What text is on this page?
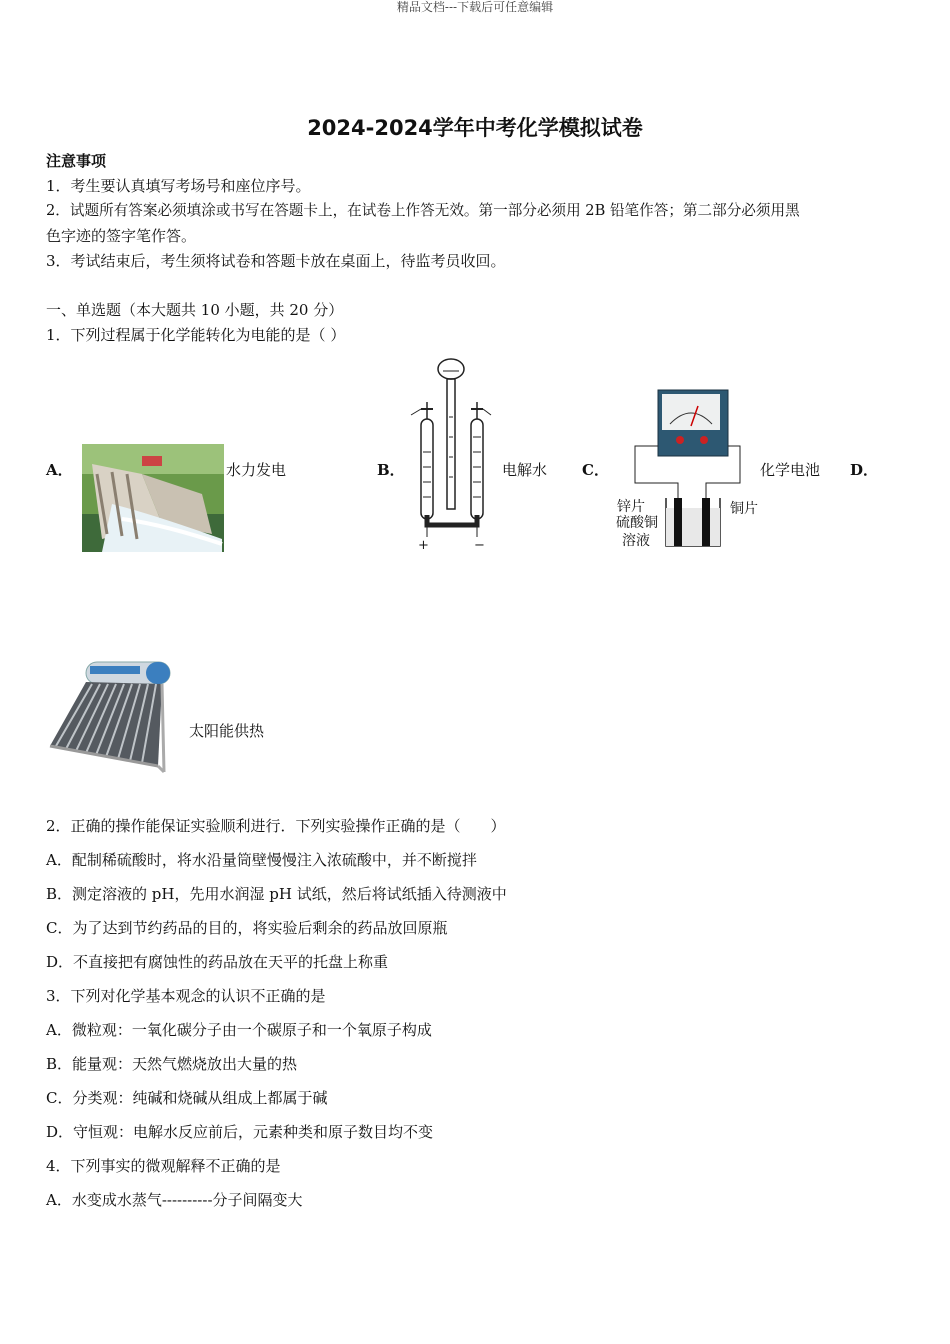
精品文档---下载后可任意编辑
2024-2024学年中考化学模拟试卷
注意事项
1．考生要认真填写考场号和座位序号。
2．试题所有答案必须填涂或书写在答题卡上，在试卷上作答无效。第一部分必须用 2B 铅笔作答；第二部分必须用黑
色字迹的签字笔作答。
3．考试结束后，考生须将试卷和答题卡放在桌面上，待监考员收回。
一、单选题（本大题共 10 小题，共 20 分）
1．下列过程属于化学能转化为电能的是（ ）
A．	水力发电	B．
+	−
电解水 C．
锌片
硫酸铜
溶液
铜片
化学电池 D．
太阳能供热
2．正确的操作能保证实验顺利进行．下列实验操作正确的是（　　）
A．配制稀硫酸时，将水沿量筒壁慢慢注入浓硫酸中，并不断搅拌
B．测定溶液的 pH，先用水润湿 pH 试纸，然后将试纸插入待测液中
C．为了达到节约药品的目的，将实验后剩余的药品放回原瓶
D．不直接把有腐蚀性的药品放在天平的托盘上称重
3．下列对化学基本观念的认识不正确的是
A．微粒观：一氧化碳分子由一个碳原子和一个氧原子构成
B．能量观：天然气燃烧放出大量的热
C．分类观：纯碱和烧碱从组成上都属于碱
D．守恒观：电解水反应前后，元素种类和原子数目均不变
4．下列事实的微观解释不正确的是
A．水变成水蒸气----------分子间隔变大
